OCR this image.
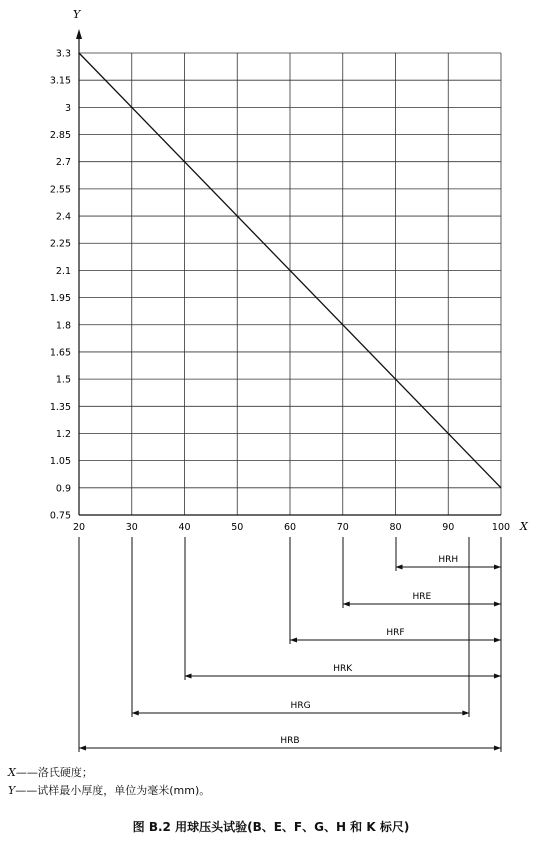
20	30	40	50	60	70	80	90	100
0.75
0.9
1.05
1.2
1.35
1.5
1.65
1.8
1.95
2.1
2.25
2.4
2.55
2.7
2.85
3
3.15
3.3
HRH
HRE
HRF
HRK
HRG
HRB
X
Y
X——洛氏硬度；
Y——试样最小厚度，单位为毫米(mm)。
图 B.2 用球压头试验(B、E、F、G、H 和 K 标尺)
